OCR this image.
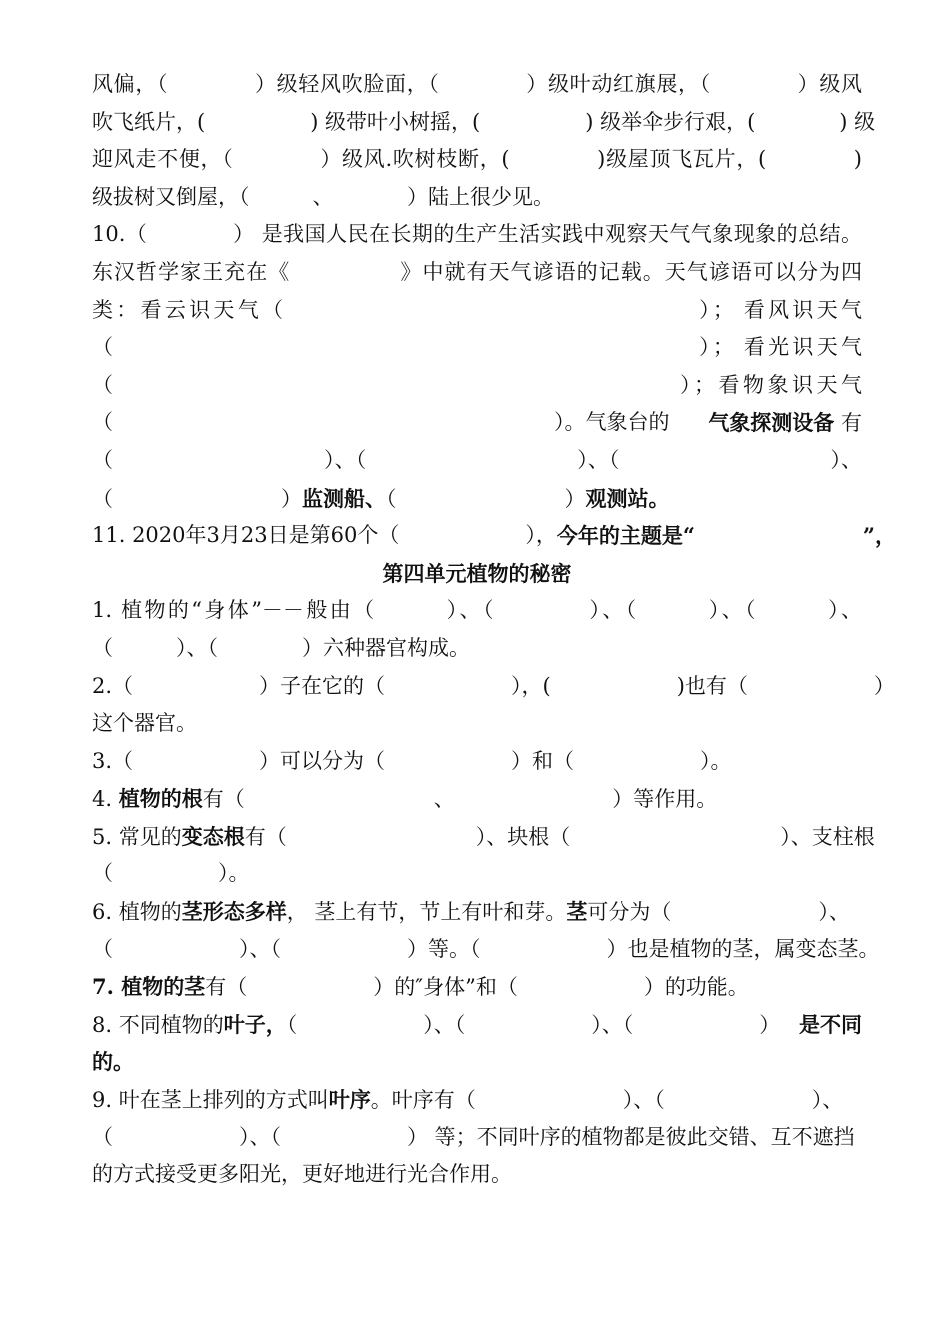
风偏，（　　　　）级轻风吹脸面，（　　　　）级叶动红旗展，（　　　　）级风
吹飞纸片，(　　　　　) 级带叶小树摇，(　　　　　) 级举伞步行艰，(　　　　) 级
迎风走不便，（　　　　）级风.吹树枝断，(　　　　)级屋顶飞瓦片，(　　　　)
级拔树又倒屋，（　　　、　　　　）陆上很少见。
10.（　　　　） 是我国人民在长期的生产生活实践中观察天气气象现象的总结。
东汉哲学家王充在《　　　　　》中就有天气谚语的记载。天气谚语可以分为四
类：看云识天气（　　　　　　　　　　　　　　　　　）； 看风识天气
（　　　　　　　　　　　　　　　　　　　　　　　　）； 看光识天气
（　　　　　　　　　　　　　　　　　　　　　　　）；看物象识天气
（　　　　　　　　　　　　　　　　　　　　　）。气象台的 气象探测设备 有
（　　　　　　　　　　）、（　　　　　　　　　　）、（　　　　　　　　　　）、
（　　　　　　　　）监测船、（　　　　　　　　）观测站。
11. 2020年3月23日是第60个（　　　　　　）， 今年的主题是“　　　　　　　　”，
第四单元植物的秘密
1. 植物的“身体”－－般由（　　　）、（　　　　）、（　　　）、（　　　）、
（　　　）、（　　　　）六种器官构成。
2.（　　　　　　）子在它的（　　　　　　），(　　　　　　)也有（　　　　　　）
这个器官。
3.（　　　　　　）可以分为（　　　　　　）和（　　　　　　）。
4. 植物的根有（　　　　　　　　　、　　　　　　　　）等作用。
5. 常见的变态根有（　　　　　　　　　）、块根（　　　　　　　　　　）、支柱根
（　　　　　）。
6. 植物的茎形态多样， 茎上有节，节上有叶和芽。茎可分为（　　　　　　　）、
（　　　　　　）、（　　　　　　）等。（　　　　　　）也是植物的茎，属变态茎。
7. 植物的茎有（　　　　　　）的″身体”和（　　　　　　）的功能。
8. 不同植物的叶子，（　　　　　　）、（　　　　　　）、（　　　　　　） 是不同
的。
9. 叶在茎上排列的方式叫叶序。叶序有（　　　　　　　）、（　　　　　　　）、
（　　　　　　）、（　　　　　　） 等；不同叶序的植物都是彼此交错、互不遮挡
的方式接受更多阳光，更好地进行光合作用。
